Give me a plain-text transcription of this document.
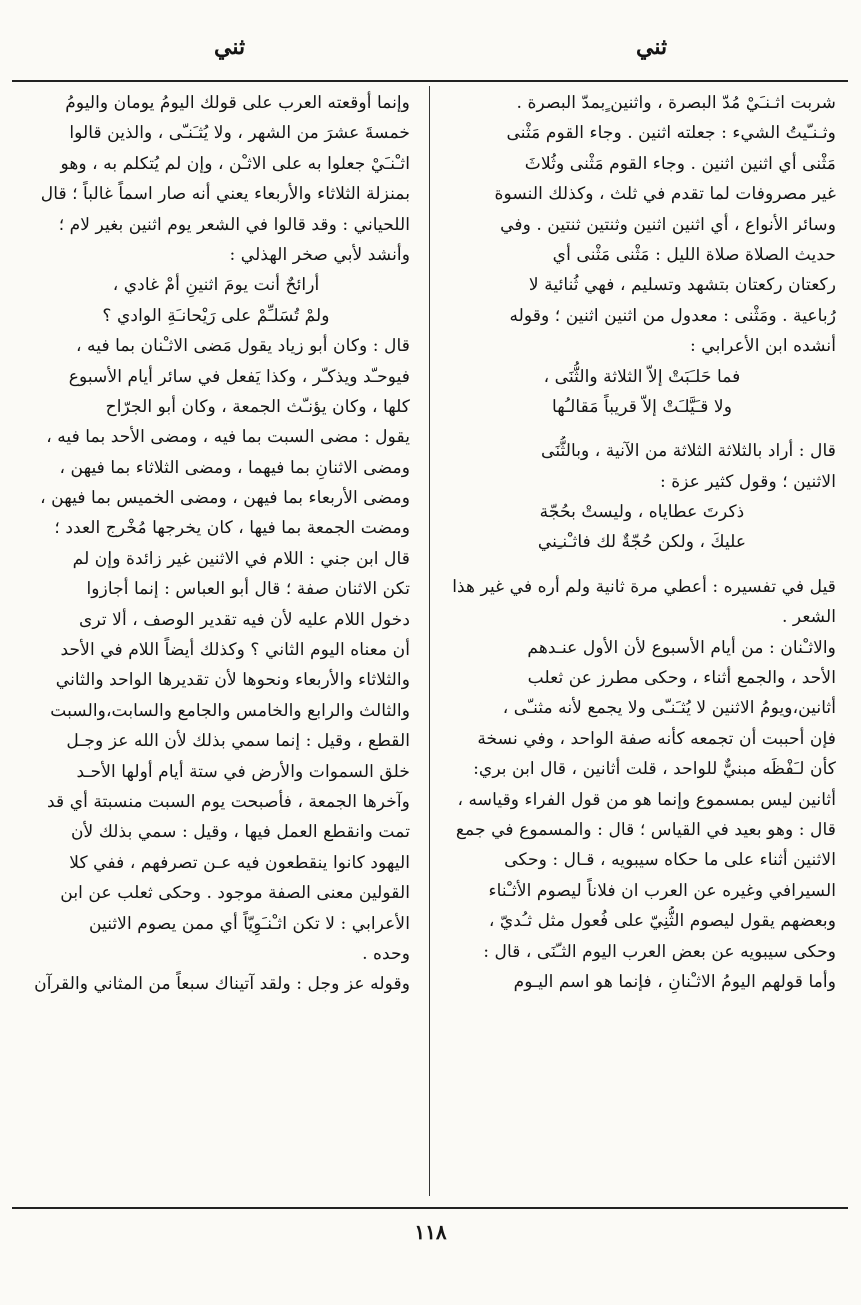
ثني
ثني
شربت اثـنـَيْ مُدّ البصرة ، واثنين ٍبمدّ البصرة .
وثـنـّيتُ الشيء : جعلته اثنين . وجاء القوم مَثْنى
مَثْنى أي اثنين اثنين . وجاء القوم مَثْنى وثُلاثَ
غير مصروفات لما تقدم في ثلث ، وكذلك النسوة
وسائر الأنواع ، أي اثنين اثنين وثنتين ثنتين . وفي
حديث الصلاة صلاة الليل : مَثْنى مَثْنى أي
ركعتان ركعتان بتشهد وتسليم ، فهي ثُنائية لا
رُباعية . ومَثْنى : معدول من اثنين اثنين ؛ وقوله
أنشده ابن الأعرابي :
فما حَلـَبَتْ إلاّ الثلاثة والثُّنَى ،
ولا قـَيَّلـَتْ إلاّ قريباً مَقالـُها
قال : أراد بالثلاثة الثلاثة من الآنية ، وبالثُّنَى
الاثنين ؛ وقول كثير عزة :
ذكرتَ عطاياه ، وليستْ بحُجّة
عليكَ ، ولكن حُجّةٌ لك فاثـْنـِني
قيل في تفسيره : أعطي مرة ثانية ولم أره في غير هذا
الشعر .
والاثـْنان : من أيام الأسبوع لأن الأول عنـدهم
الأحد ، والجمع أثناء ، وحكى مطرز عن ثعلب
أثانين،ويومُ الاثنين لا يُثـَنـّى ولا يجمع لأنه مثنـّى ،
فإن أحببت أن تجمعه كأنه صفة الواحد ، وفي نسخة
كأن لـَفْظَه مبنيٌّ للواحد ، قلت أثانين ، قال ابن بري:
أثانين ليس بمسموع وإنما هو من قول الفراء وقياسه ،
قال : وهو بعيد في القياس ؛ قال : والمسموع في جمع
الاثنين أثناء على ما حكاه سيبويه ، قـال : وحكى
السيرافي وغيره عن العرب ان فلاناً ليصوم الأثـْناء
وبعضهم يقول ليصوم الثُّنِيّ على فُعول مثل ثـُديّ ،
وحكى سيبويه عن بعض العرب اليوم الثـّنَى ، قال :
وأما قولهم اليومُ الاثـْنانِ ، فإنما هو اسم اليـوم
وإنما أوقعته العرب على قولك اليومُ يومان واليومُ
خمسةَ عشرَ من الشهر ، ولا يُثـَنـّى ، والذين قالوا
اثـْنـَيْ جعلوا به على الاثـْن ، وإن لم يُتكلم به ، وهو
بمنزلة الثلاثاء والأربعاء يعني أنه صار اسماً غالباً ؛ قال
اللحياني : وقد قالوا في الشعر يوم اثنين بغير لام ؛
وأنشد لأبي صخر الهذلي :
أرائحٌ أنت يومَ اثنينِ أمْ غادي ،
ولمْ تُسَلـِّمْ على رَيْحانـَةِ الوادي ؟
قال : وكان أبو زياد يقول مَضى الاثـْنان بما فيه ،
فيوحـّد ويذكـّر ، وكذا يَفعل في سائر أيام الأسبوع
كلها ، وكان يؤنـّث الجمعة ، وكان أبو الجرّاح
يقول : مضى السبت بما فيه ، ومضى الأحد بما فيه ،
ومضى الاثنانِ بما فيهما ، ومضى الثلاثاء بما فيهن ،
ومضى الأربعاء بما فيهن ، ومضى الخميس بما فيهن ،
ومضت الجمعة بما فيها ، كان يخرجها مُخْرج العدد ؛
قال ابن جني : اللام في الاثنين غير زائدة وإن لم
تكن الاثنان صفة ؛ قال أبو العباس : إنما أجازوا
دخول اللام عليه لأن فيه تقدير الوصف ، ألا ترى
أن معناه اليوم الثاني ؟ وكذلك أيضاً اللام في الأحد
والثلاثاء والأربعاء ونحوها لأن تقديرها الواحد والثاني
والثالث والرابع والخامس والجامع والسابت،والسبت
القطع ، وقيل : إنما سمي بذلك لأن الله عز وجـل
خلق السموات والأرض في ستة أيام أولها الأحـد
وآخرها الجمعة ، فأصبحت يوم السبت منسبتة أي قد
تمت وانقطع العمل فيها ، وقيل : سمي بذلك لأن
اليهود كانوا ينقطعون فيه عـن تصرفهم ، ففي كلا
القولين معنى الصفة موجود . وحكى ثعلب عن ابن
الأعرابي : لا تكن اثـْنـَوِيّاً أي ممن يصوم الاثنين
وحده .
وقوله عز وجل : ولقد آتيناك سبعاً من المثاني والقرآن
١١٨
